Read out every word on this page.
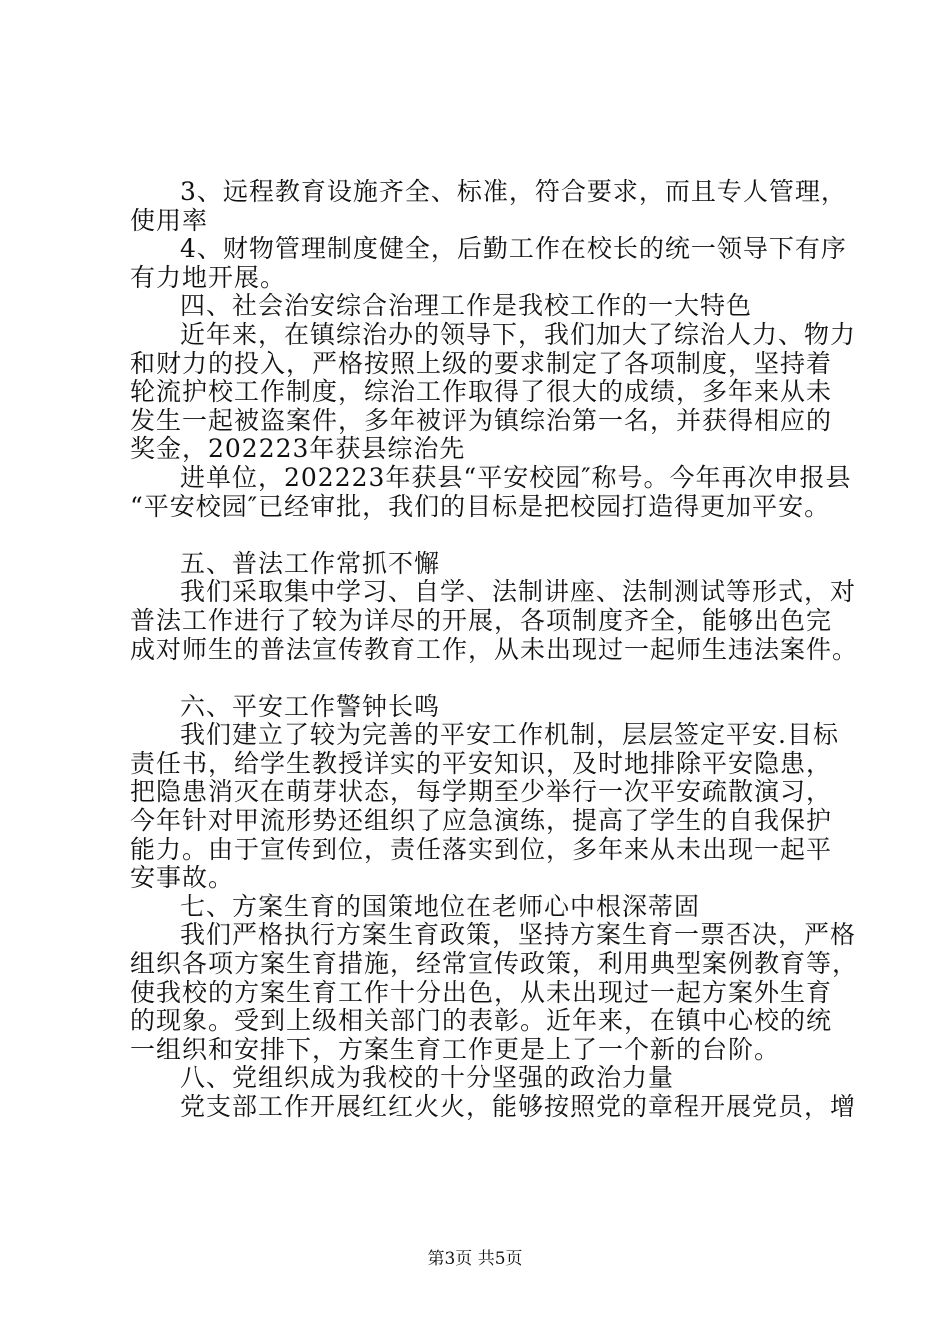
3、远程教育设施齐全、标准，符合要求，而且专人管理，
使用率
4、财物管理制度健全，后勤工作在校长的统一领导下有序
有力地开展。
四、社会治安综合治理工作是我校工作的一大特色
近年来，在镇综治办的领导下，我们加大了综治人力、物力
和财力的投入，严格按照上级的要求制定了各项制度，坚持着
轮流护校工作制度，综治工作取得了很大的成绩，多年来从未
发生一起被盗案件，多年被评为镇综治第一名，并获得相应的
奖金，202223年获县综治先
进单位，202223年获县“平安校园″称号。今年再次申报县
“平安校园″已经审批，我们的目标是把校园打造得更加平安。
五、普法工作常抓不懈
我们采取集中学习、自学、法制讲座、法制测试等形式，对
普法工作进行了较为详尽的开展，各项制度齐全，能够出色完
成对师生的普法宣传教育工作，从未出现过一起师生违法案件。
六、平安工作警钟长鸣
我们建立了较为完善的平安工作机制，层层签定平安.目标
责任书，给学生教授详实的平安知识，及时地排除平安隐患，
把隐患消灭在萌芽状态，每学期至少举行一次平安疏散演习，
今年针对甲流形势还组织了应急演练，提高了学生的自我保护
能力。由于宣传到位，责任落实到位，多年来从未出现一起平
安事故。
七、方案生育的国策地位在老师心中根深蒂固
我们严格执行方案生育政策，坚持方案生育一票否决，严格
组织各项方案生育措施，经常宣传政策，利用典型案例教育等，
使我校的方案生育工作十分出色，从未出现过一起方案外生育
的现象。受到上级相关部门的表彰。近年来，在镇中心校的统
一组织和安排下，方案生育工作更是上了一个新的台阶。
八、党组织成为我校的十分坚强的政治力量
党支部工作开展红红火火，能够按照党的章程开展党员，增
第3页 共5页
